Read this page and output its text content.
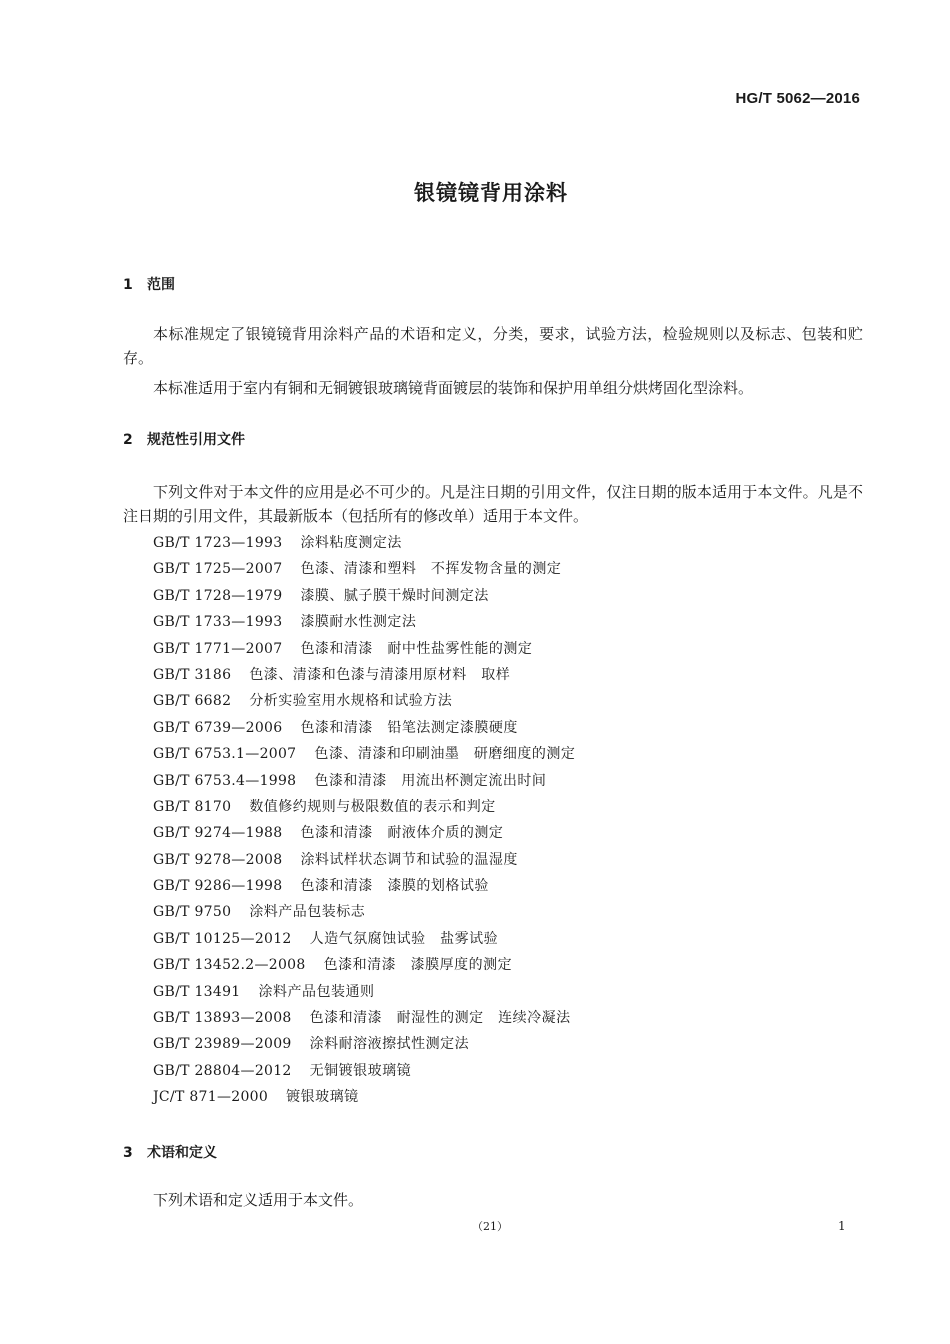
HG/T 5062—2016
银镜镜背用涂料
1 范围

本标准规定了银镜镜背用涂料产品的术语和定义，分类，要求，试验方法，检验规则以及标志、包装和贮存。

本标准适用于室内有铜和无铜镀银玻璃镜背面镀层的装饰和保护用单组分烘烤固化型涂料。

2 规范性引用文件

下列文件对于本文件的应用是必不可少的。凡是注日期的引用文件，仅注日期的版本适用于本文件。凡是不注日期的引用文件，其最新版本（包括所有的修改单）适用于本文件。

GB/T 1723—1993 涂料粘度测定法
GB/T 1725—2007 色漆、清漆和塑料　不挥发物含量的测定
GB/T 1728—1979 漆膜、腻子膜干燥时间测定法
GB/T 1733—1993 漆膜耐水性测定法
GB/T 1771—2007 色漆和清漆　耐中性盐雾性能的测定
GB/T 3186 色漆、清漆和色漆与清漆用原材料　取样
GB/T 6682 分析实验室用水规格和试验方法
GB/T 6739—2006 色漆和清漆　铅笔法测定漆膜硬度
GB/T 6753.1—2007 色漆、清漆和印刷油墨　研磨细度的测定
GB/T 6753.4—1998 色漆和清漆　用流出杯测定流出时间
GB/T 8170 数值修约规则与极限数值的表示和判定
GB/T 9274—1988 色漆和清漆　耐液体介质的测定
GB/T 9278—2008 涂料试样状态调节和试验的温湿度
GB/T 9286—1998 色漆和清漆　漆膜的划格试验
GB/T 9750 涂料产品包装标志
GB/T 10125—2012 人造气氛腐蚀试验　盐雾试验
GB/T 13452.2—2008 色漆和清漆　漆膜厚度的测定
GB/T 13491 涂料产品包装通则
GB/T 13893—2008 色漆和清漆　耐湿性的测定　连续冷凝法
GB/T 23989—2009 涂料耐溶液擦拭性测定法
GB/T 28804—2012 无铜镀银玻璃镜
JC/T 871—2000 镀银玻璃镜
3 术语和定义

下列术语和定义适用于本文件。

（21）	1
